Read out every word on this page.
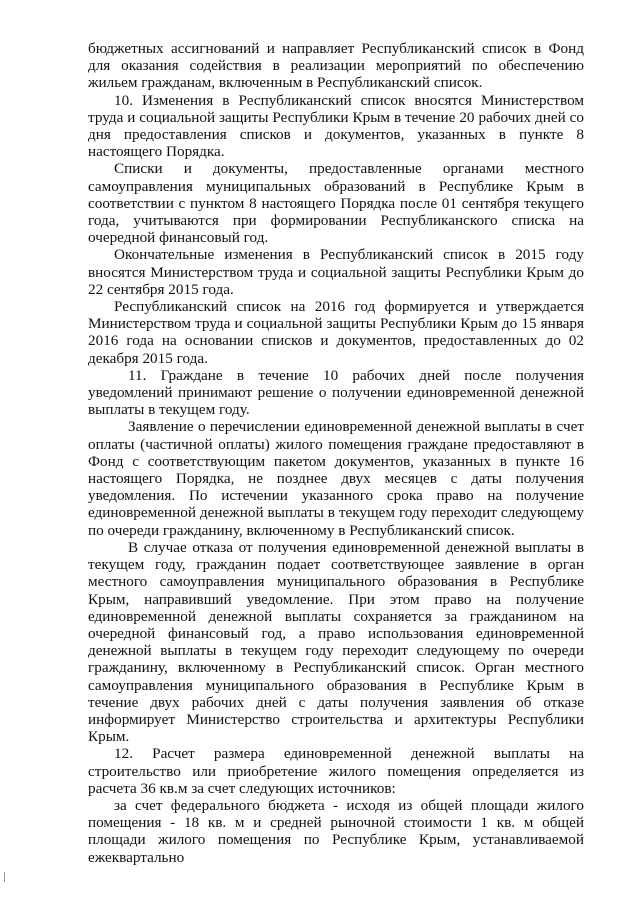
бюджетных ассигнований и направляет Республиканский список в Фонд для оказания содействия в реализации мероприятий по обеспечению жильем гражданам, включенным в Республиканский список.

10. Изменения в Республиканский список вносятся Министерством труда и социальной защиты Республики Крым в течение 20 рабочих дней со дня предоставления списков и документов, указанных в пункте 8 настоящего Порядка.

Списки и документы, предоставленные органами местного самоуправления муниципальных образований в Республике Крым в соответствии с пунктом 8 настоящего Порядка после 01 сентября текущего года, учитываются при формировании Республиканского списка на очередной финансовый год.

Окончательные изменения в Республиканский список в 2015 году вносятся Министерством труда и социальной защиты Республики Крым до 22 сентября 2015 года.

Республиканский список на 2016 год формируется и утверждается Министерством труда и социальной защиты Республики Крым до 15 января 2016 года на основании списков и документов, предоставленных до 02 декабря 2015 года.

11. Граждане в течение 10 рабочих дней после получения уведомлений принимают решение о получении единовременной денежной выплаты в текущем году.

Заявление о перечислении единовременной денежной выплаты в счет оплаты (частичной оплаты) жилого помещения граждане предоставляют в Фонд с соответствующим пакетом документов, указанных в пункте 16 настоящего Порядка, не позднее двух месяцев с даты получения уведомления. По истечении указанного срока право на получение единовременной денежной выплаты в текущем году переходит следующему по очереди гражданину, включенному в Республиканский список.

В случае отказа от получения единовременной денежной выплаты в текущем году, гражданин подает соответствующее заявление в орган местного самоуправления муниципального образования в Республике Крым, направивший уведомление. При этом право на получение единовременной денежной выплаты сохраняется за гражданином на очередной финансовый год, а право использования единовременной денежной выплаты в текущем году переходит следующему по очереди гражданину, включенному в Республиканский список. Орган местного самоуправления муниципального образования в Республике Крым в течение двух рабочих дней с даты получения заявления об отказе информирует Министерство строительства и архитектуры Республики Крым.

12. Расчет размера единовременной денежной выплаты на строительство или приобретение жилого помещения определяется из расчета 36 кв.м за счет следующих источников:

за счет федерального бюджета - исходя из общей площади жилого помещения - 18 кв. м и средней рыночной стоимости 1 кв. м общей площади жилого помещения по Республике Крым, устанавливаемой ежеквартально
